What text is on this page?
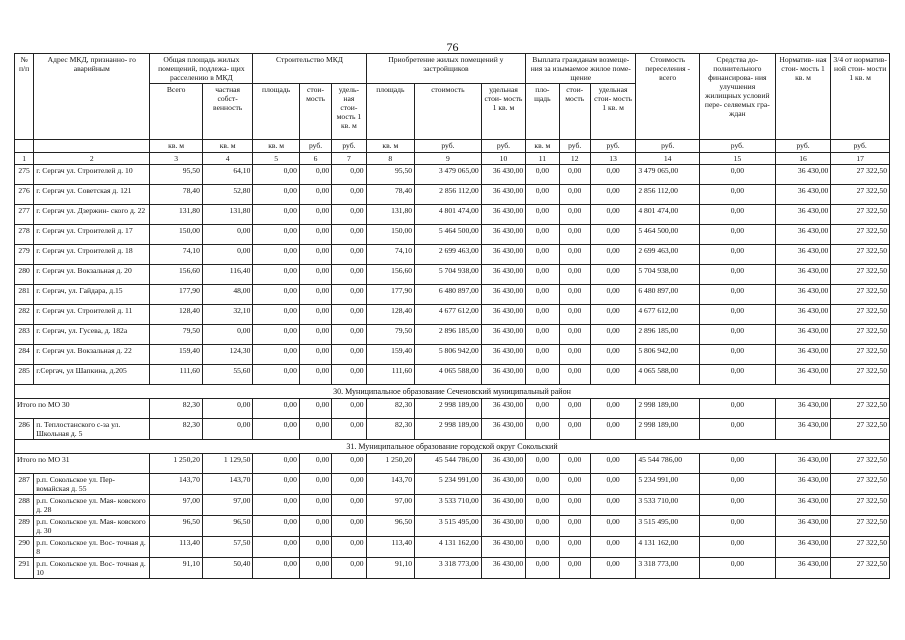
76
№ п/п	Адрес МКД, признанно- го аварийным	Общая площадь жилых помещений, подлежа- щих расселению в МКД		Строительство МКД			Приобретение жилых помещений у застройщиков			Выплата гражданам возмеще- ния за изымаемое жилое поме- щение			Стоимость переселения - всего	Средства до- полнительного финансирова- ния улучшения жилищных условий пере- селяемых гра- ждан	Норматив- ная стои- мость 1 кв. м	3/4 от норматив- ной стои- мости 1 кв. м
		Всего	частная собст- венность	площадь	стои- мость	удель- ная стои- мость 1 кв. м	площадь	стоимость	удельная стои- мость 1 кв. м	пло- щадь	стои- мость	удельная стои- мость 1 кв. м				
		кв. м	кв. м	кв. м	руб.	руб.	кв. м	руб.	руб.	кв. м	руб.	руб.	руб.	руб.	руб.	руб.
1	2	3	4	5	6	7	8	9	10	11	12	13	14	15	16	17
275	г. Сергач ул. Строителей д. 10	95,50	64,10	0,00	0,00	0,00	95,50	3 479 065,00	36 430,00	0,00	0,00	0,00	3 479 065,00	0,00	36 430,00	27 322,50
276	г. Сергач ул. Советская д. 121	78,40	52,80	0,00	0,00	0,00	78,40	2 856 112,00	36 430,00	0,00	0,00	0,00	2 856 112,00	0,00	36 430,00	27 322,50
277	г. Сергач ул. Дзержин- ского д. 22	131,80	131,80	0,00	0,00	0,00	131,80	4 801 474,00	36 430,00	0,00	0,00	0,00	4 801 474,00	0,00	36 430,00	27 322,50
278	г. Сергач ул. Строителей д. 17	150,00	0,00	0,00	0,00	0,00	150,00	5 464 500,00	36 430,00	0,00	0,00	0,00	5 464 500,00	0,00	36 430,00	27 322,50
279	г. Сергач ул. Строителей д. 18	74,10	0,00	0,00	0,00	0,00	74,10	2 699 463,00	36 430,00	0,00	0,00	0,00	2 699 463,00	0,00	36 430,00	27 322,50
280	г. Сергач ул. Вокзальная д. 20	156,60	116,40	0,00	0,00	0,00	156,60	5 704 938,00	36 430,00	0,00	0,00	0,00	5 704 938,00	0,00	36 430,00	27 322,50
281	г. Сергач, ул. Гайдара, д.15	177,90	48,00	0,00	0,00	0,00	177,90	6 480 897,00	36 430,00	0,00	0,00	0,00	6 480 897,00	0,00	36 430,00	27 322,50
282	г. Сергач ул. Строителей д. 11	128,40	32,10	0,00	0,00	0,00	128,40	4 677 612,00	36 430,00	0,00	0,00	0,00	4 677 612,00	0,00	36 430,00	27 322,50
283	г. Сергач, ул. Гусева, д. 182а	79,50	0,00	0,00	0,00	0,00	79,50	2 896 185,00	36 430,00	0,00	0,00	0,00	2 896 185,00	0,00	36 430,00	27 322,50
284	г. Сергач ул. Вокзальная д. 22	159,40	124,30	0,00	0,00	0,00	159,40	5 806 942,00	36 430,00	0,00	0,00	0,00	5 806 942,00	0,00	36 430,00	27 322,50
285	г.Сергач, ул Шапкина, д.205	111,60	55,60	0,00	0,00	0,00	111,60	4 065 588,00	36 430,00	0,00	0,00	0,00	4 065 588,00	0,00	36 430,00	27 322,50
30. Муниципальное образование Сеченовский муниципальный район																
Итого по МО 30		82,30	0,00	0,00	0,00	0,00	82,30	2 998 189,00	36 430,00	0,00	0,00	0,00	2 998 189,00	0,00	36 430,00	27 322,50
286	п. Теплостанского с-за ул. Школьная д. 5	82,30	0,00	0,00	0,00	0,00	82,30	2 998 189,00	36 430,00	0,00	0,00	0,00	2 998 189,00	0,00	36 430,00	27 322,50
31. Муниципальное образование городской округ Сокольский																
Итого по МО 31		1 250,20	1 129,50	0,00	0,00	0,00	1 250,20	45 544 786,00	36 430,00	0,00	0,00	0,00	45 544 786,00	0,00	36 430,00	27 322,50
287	р.п. Сокольское ул. Пер- вомайская д. 55	143,70	143,70	0,00	0,00	0,00	143,70	5 234 991,00	36 430,00	0,00	0,00	0,00	5 234 991,00	0,00	36 430,00	27 322,50
288	р.п. Сокольское ул. Мая- ковского д. 28	97,00	97,00	0,00	0,00	0,00	97,00	3 533 710,00	36 430,00	0,00	0,00	0,00	3 533 710,00	0,00	36 430,00	27 322,50
289	р.п. Сокольское ул. Мая- ковского д. 30	96,50	96,50	0,00	0,00	0,00	96,50	3 515 495,00	36 430,00	0,00	0,00	0,00	3 515 495,00	0,00	36 430,00	27 322,50
290	р.п. Сокольское ул. Вос- точная д. 8	113,40	57,50	0,00	0,00	0,00	113,40	4 131 162,00	36 430,00	0,00	0,00	0,00	4 131 162,00	0,00	36 430,00	27 322,50
291	р.п. Сокольское ул. Вос- точная д. 10	91,10	50,40	0,00	0,00	0,00	91,10	3 318 773,00	36 430,00	0,00	0,00	0,00	3 318 773,00	0,00	36 430,00	27 322,50
